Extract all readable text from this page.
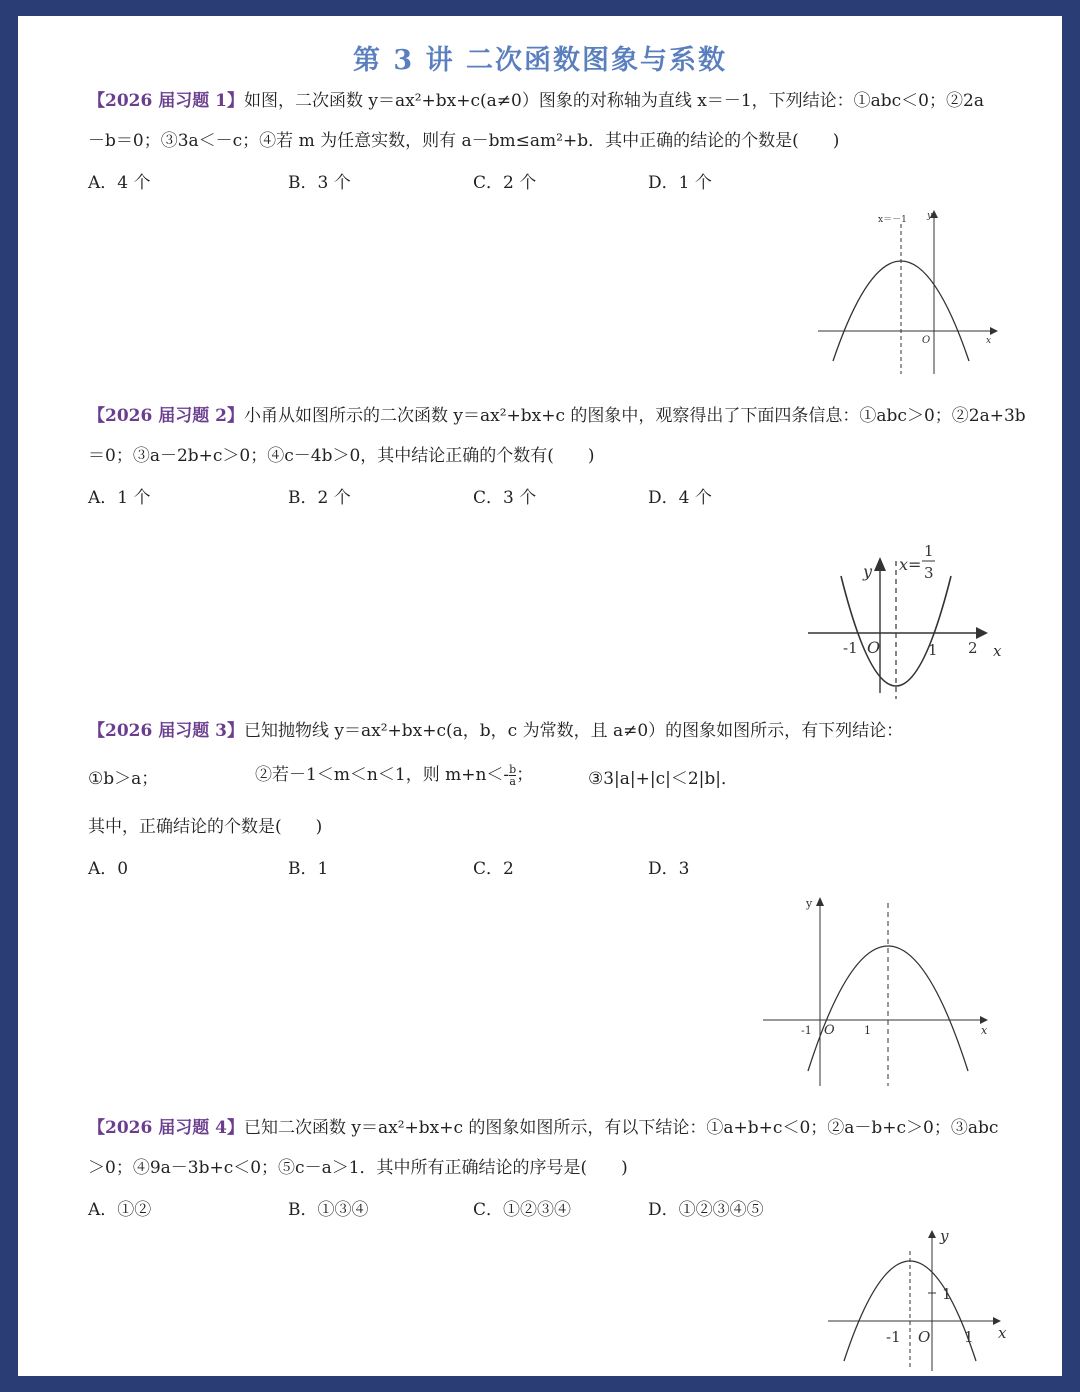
第 3 讲 二次函数图象与系数
【2026 届习题 1】如图，二次函数 y＝ax²+bx+c(a≠0）图象的对称轴为直线 x＝－1，下列结论：①abc＜0；②2a
－b＝0；③3a＜－c；④若 m 为任意实数，则有 a－bm≤am²+b．其中正确的结论的个数是(　　)
A．4 个	B．3 个	C．2 个	D．1 个
x＝－1 y
x
O
【2026 届习题 2】小甬从如图所示的二次函数 y＝ax²+bx+c 的图象中，观察得出了下面四条信息：①abc＞0；②2a+3b
＝0；③a－2b+c＞0；④c－4b＞0，其中结论正确的个数有(　　)
A．1 个	B．2 个	C．3 个	D．4 个
x=
1
3
y
x
O
-1	1 2
【2026 届习题 3】已知抛物线 y＝ax²+bx+c(a，b，c 为常数，且 a≠0）的图象如图所示，有下列结论：
①b＞a；	②若－1＜m＜n＜1，则 $m+n<- \frac{b}{a}$ ；	③3|a|+|c|＜2|b|．
其中，正确结论的个数是(　　)
A．0	B．1	C．2	D．3
y
x
O
-1	1
【2026 届习题 4】已知二次函数 y＝ax²+bx+c 的图象如图所示，有以下结论：①a+b+c＜0；②a－b+c＞0；③abc
＞0；④9a－3b+c＜0；⑤c－a＞1．其中所有正确结论的序号是(　　)
A．①②	B．①③④	C．①②③④	D．①②③④⑤
y
x
O
-1	1
1
